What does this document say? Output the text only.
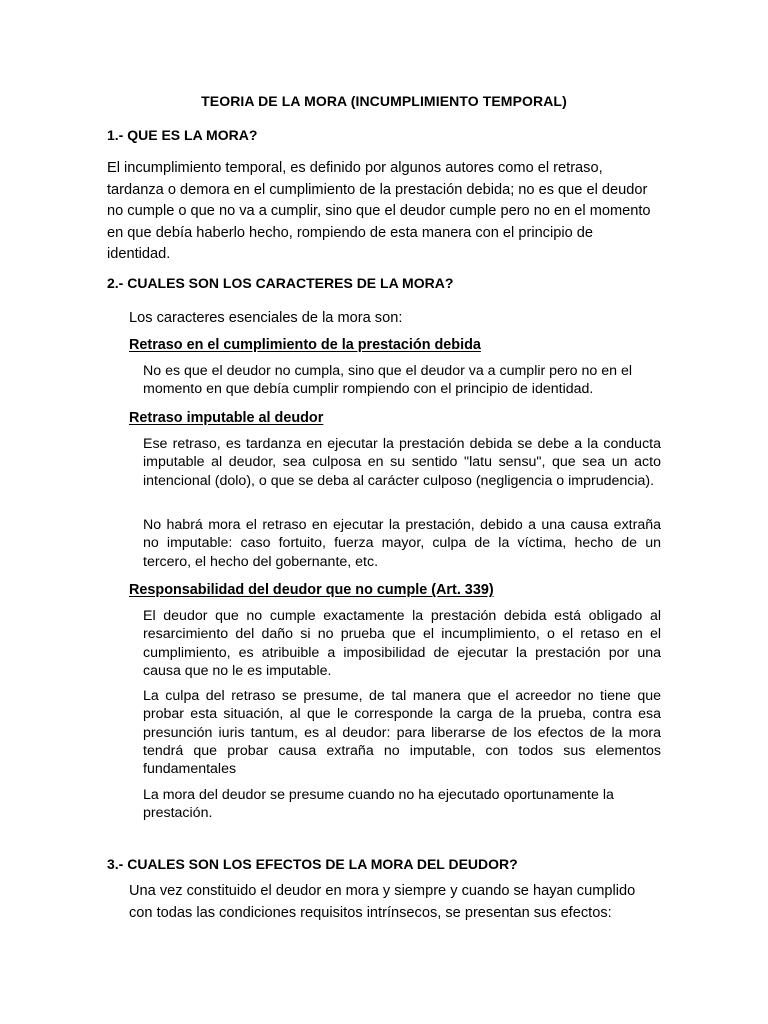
TEORIA DE LA MORA (INCUMPLIMIENTO TEMPORAL)

1.- QUE ES LA MORA?

El incumplimiento temporal, es definido por algunos autores como el retraso, tardanza o demora en el cumplimiento de la prestación debida; no es que el deudor no cumple o que no va a cumplir, sino que el deudor cumple pero no en el momento en que debía haberlo hecho, rompiendo de esta manera con el principio de identidad.

2.- CUALES SON LOS CARACTERES DE LA MORA?

Los caracteres esenciales de la mora son:

Retraso en el cumplimiento de la prestación debida

No es que el deudor no cumpla, sino que el deudor va a cumplir pero no en el momento en que debía cumplir rompiendo con el principio de identidad.

Retraso imputable al deudor

Ese retraso, es tardanza en ejecutar la prestación debida se debe a la conducta imputable al deudor, sea culposa en su sentido "latu sensu", que sea un acto intencional (dolo), o que se deba al carácter culposo (negligencia o imprudencia).

No habrá mora el retraso en ejecutar la prestación, debido a una causa extraña no imputable: caso fortuito, fuerza mayor, culpa de la víctima, hecho de un tercero, el hecho del gobernante, etc.

Responsabilidad del deudor que no cumple (Art. 339)

El deudor que no cumple exactamente la prestación debida está obligado al resarcimiento del daño si no prueba que el incumplimiento, o el retaso en el cumplimiento, es atribuible a imposibilidad de ejecutar la prestación por una causa que no le es imputable.

La culpa del retraso se presume, de tal manera que el acreedor no tiene que probar esta situación, al que le corresponde la carga de la prueba, contra esa presunción iuris tantum, es al deudor: para liberarse de los efectos de la mora tendrá que probar causa extraña no imputable, con todos sus elementos fundamentales

La mora del deudor se presume cuando no ha ejecutado oportunamente la prestación.

3.- CUALES SON LOS EFECTOS DE LA MORA DEL DEUDOR?

Una vez constituido el deudor en mora y siempre y cuando se hayan cumplido con todas las condiciones requisitos intrínsecos, se presentan sus efectos:
